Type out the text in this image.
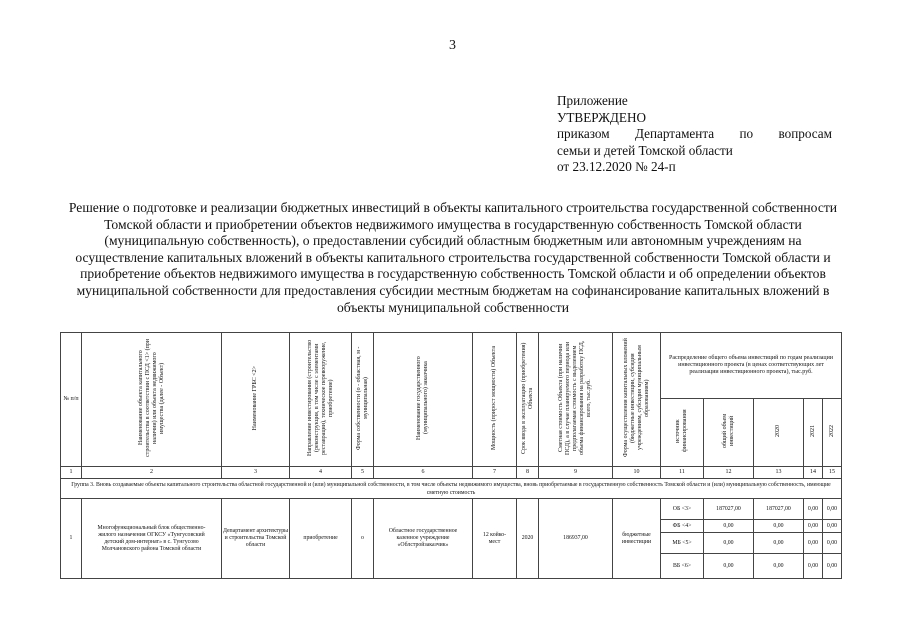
3
Приложение
УТВЕРЖДЕНО
приказом Департамента по вопросам
семьи и детей Томской области
от 23.12.2020 № 24-п
Решение о подготовке и реализации бюджетных инвестиций в объекты капитального строительства государственной собственности Томской области и приобретении объектов недвижимого имущества в государственную собственность Томской области (муниципальную собственность), о предоставлении субсидий областным бюджетным или автономным учреждениям на осуществление капитальных вложений в объекты капитального строительства государственной собственности Томской области и приобретение объектов недвижимого имущества в государственную собственность Томской области и об определении объектов муниципальной собственности для предоставления субсидии местным бюджетам на софинансирование капитальных вложений в объекты муниципальной собственности
№ п/п	Наименование объекта капитального строительства в соответствии с ПСД <1> (при наличии) или объекта недвижимого имущества (далее - Объект)	Наименование ГРБС <2>	Направление инвестирования (строительство (реконструкция, в том числе с элементами реставрации), техническое перевооружение, приобретение)	Форма собственности (о - областная, м - муниципальная)	Наименование государственного (муниципального) заказчика	Мощность (прирост мощности) Объекта	Срок ввода в эксплуатацию (приобретения) Объекта	Сметная стоимость Объекта (при наличии ПСД), а в случае планируемого периода или предполагаемая стоимость с выделением объема финансирования на разработку ПСД, всего, тыс.руб.	Форма осуществления капитальных вложений (бюджетные инвестиции, субсидия учреждениям, субсидия муниципальным образованиям)	Распределение общего объема инвестиций по годам реализации инвестиционного проекта (в ценах соответствующих лет реализации инвестиционного проекта), тыс.руб.				
										источник финансирования	общий объем инвестиций	2020	2021	2022
1	2	3	4	5	6	7	8	9	10	11	12	13	14	15
Группа 3. Вновь создаваемые объекты капитального строительства областной государственной и (или) муниципальной собственности, в том числе объекты недвижимого имущества, вновь приобретаемые в государственную собственность Томской области и (или) муниципальную собственность, имеющие сметную стоимость														
1	Многофункциональный блок общественно-жилого назначения ОГКСУ «Тунгусовский детский дом-интернат» в с. Тунгусово Молчановского района Томской области	Департамент архитектуры и строительства Томской области	приобретение	о	Областное государственное казенное учреждение «Облстройзаказчик»	12 койко-мест	2020	186937,00	бюджетные инвестиции	ОБ <3>	187027,00	187027,00	0,00	0,00
										ФБ <4>	0,00	0,00	0,00	0,00
										МБ <5>	0,00	0,00	0,00	0,00
										ВБ <6>	0,00	0,00	0,00	0,00
